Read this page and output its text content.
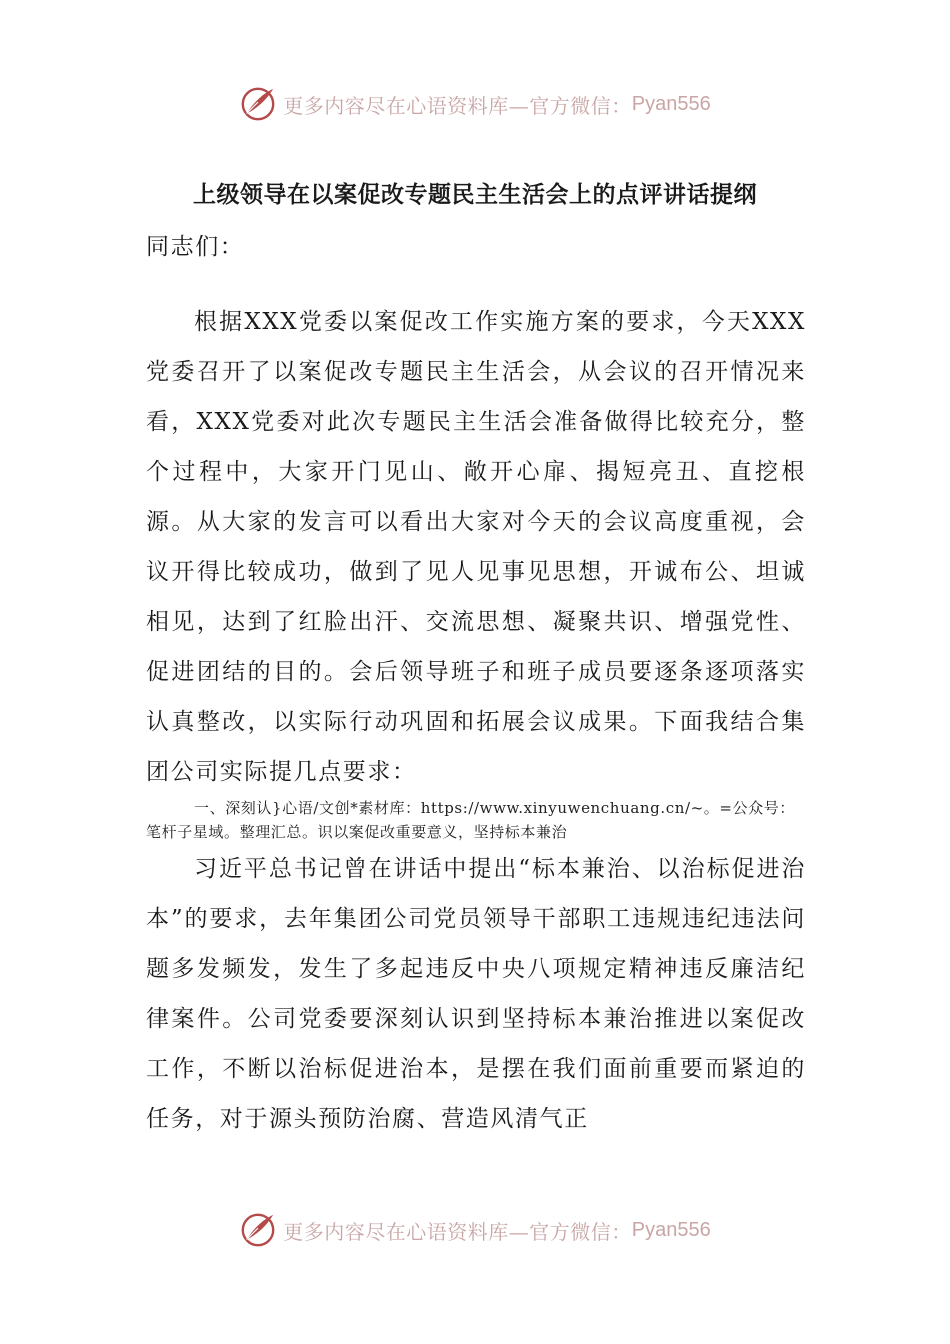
更多内容尽在心语资料库—官方微信： Pyan556
上级领导在以案促改专题民主生活会上的点评讲话提纲
同志们：
根据XXX党委以案促改工作实施方案的要求，今天XXX党委召开了以案促改专题民主生活会，从会议的召开情况来看，XXX党委对此次专题民主生活会准备做得比较充分，整个过程中，大家开门见山、敞开心扉、揭短亮丑、直挖根源。从大家的发言可以看出大家对今天的会议高度重视，会议开得比较成功，做到了见人见事见思想，开诚布公、坦诚相见，达到了红脸出汗、交流思想、凝聚共识、增强党性、促进团结的目的。会后领导班子和班子成员要逐条逐项落实认真整改，以实际行动巩固和拓展会议成果。下面我结合集团公司实际提几点要求：
一、深刻认}心语/文创*素材库：https://www.xinyuwenchuang.cn/~。=公众号：笔杆子星域。整理汇总。识以案促改重要意义，坚持标本兼治
习近平总书记曾在讲话中提出“标本兼治、以治标促进治本”的要求，去年集团公司党员领导干部职工违规违纪违法问题多发频发，发生了多起违反中央八项规定精神违反廉洁纪律案件。公司党委要深刻认识到坚持标本兼治推进以案促改工作，不断以治标促进治本，是摆在我们面前重要而紧迫的任务，对于源头预防治腐、营造风清气正
更多内容尽在心语资料库—官方微信： Pyan556
